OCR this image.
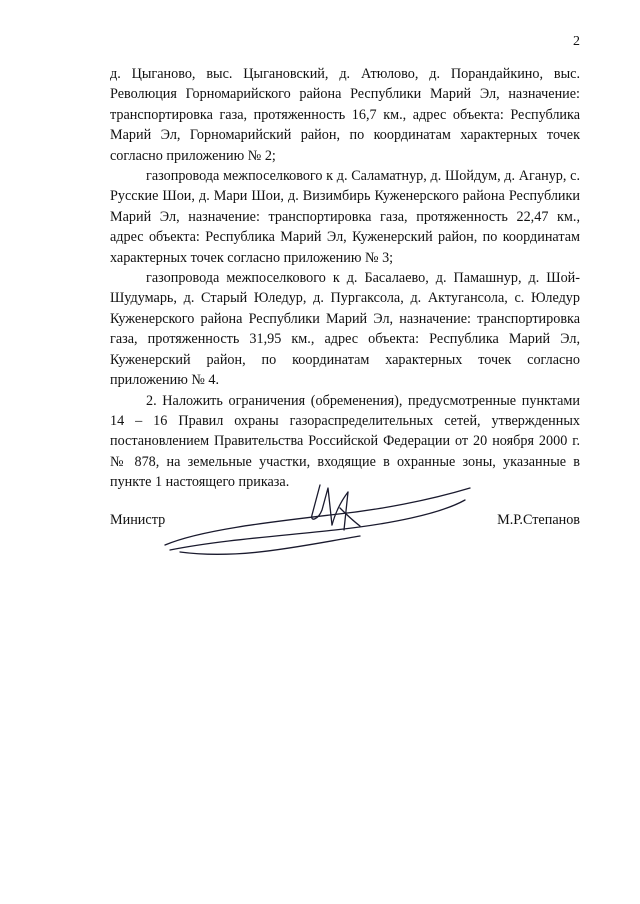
2

д. Цыганово, выс. Цыгановский, д. Атюлово, д. Порандайкино, выс. Революция Горномарийского района Республики Марий Эл, назначение: транспортировка газа, протяженность 16,7 км., адрес объекта: Республика Марий Эл, Горномарийский район, по координатам характерных точек согласно приложению № 2;

газопровода межпоселкового к д. Саламатнур, д. Шойдум, д. Аганур, с. Русские Шои, д. Мари Шои, д. Визимбирь Куженерского района Республики Марий Эл, назначение: транспортировка газа, протяженность 22,47 км., адрес объекта: Республика Марий Эл, Куженерский район, по координатам характерных точек согласно приложению № 3;

газопровода межпоселкового к д. Басалаево, д. Памашнур, д. Шой-Шудумарь, д. Старый Юледур, д. Пургаксола, д. Актугансола, с. Юледур Куженерского района Республики Марий Эл, назначение: транспортировка газа, протяженность 31,95 км., адрес объекта: Республика Марий Эл, Куженерский район, по координатам характерных точек согласно приложению № 4.

2. Наложить ограничения (обременения), предусмотренные пунктами 14 – 16 Правил охраны газораспределительных сетей, утвержденных постановлением Правительства Российской Федерации от 20 ноября 2000 г. № 878, на земельные участки, входящие в охранные зоны, указанные в пункте 1 настоящего приказа.

Министр	М.Р.Степанов
